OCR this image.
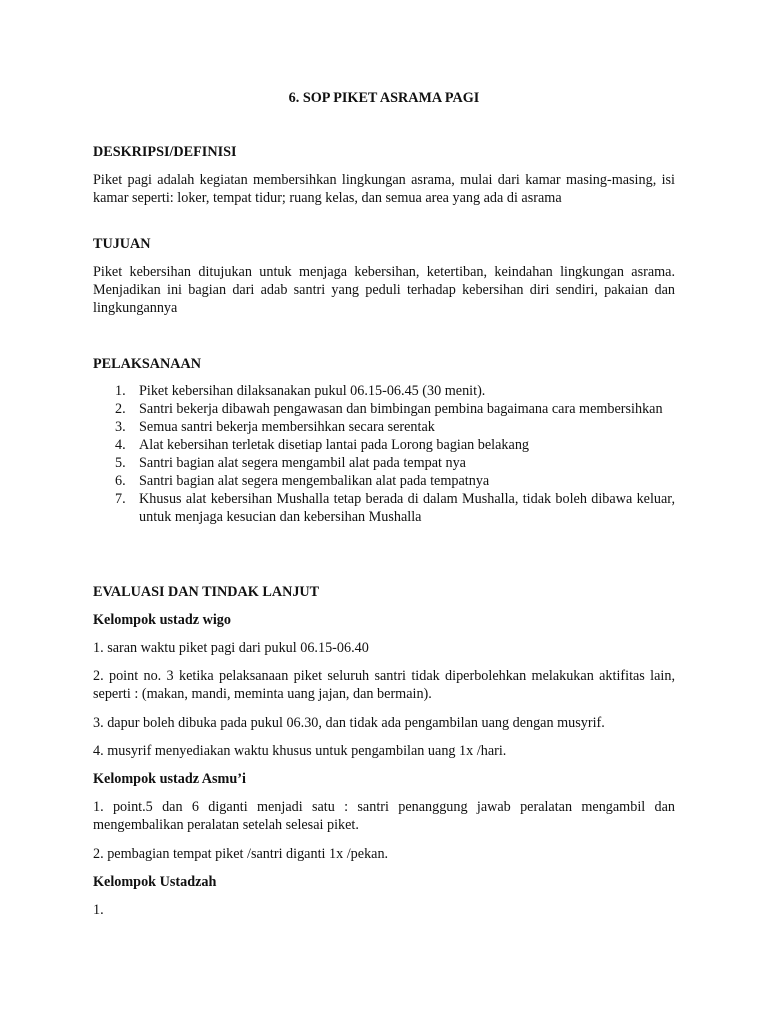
6. SOP PIKET ASRAMA PAGI
DESKRIPSI/DEFINISI
Piket pagi adalah kegiatan membersihkan lingkungan asrama, mulai dari kamar masing-masing, isi kamar seperti: loker, tempat tidur; ruang kelas, dan semua area yang ada di asrama
TUJUAN
Piket kebersihan ditujukan untuk menjaga kebersihan, ketertiban, keindahan lingkungan asrama. Menjadikan ini bagian dari adab santri yang peduli terhadap kebersihan diri sendiri, pakaian dan lingkungannya
PELAKSANAAN
1. Piket kebersihan dilaksanakan pukul 06.15-06.45 (30 menit).
2. Santri bekerja dibawah pengawasan dan bimbingan pembina bagaimana cara membersihkan
3. Semua santri bekerja membersihkan secara serentak
4. Alat kebersihan terletak disetiap lantai pada Lorong bagian belakang
5. Santri bagian alat segera mengambil alat pada tempat nya
6. Santri bagian alat segera mengembalikan alat pada tempatnya
7. Khusus alat kebersihan Mushalla tetap berada di dalam Mushalla, tidak boleh dibawa keluar, untuk menjaga kesucian dan kebersihan Mushalla
EVALUASI DAN TINDAK LANJUT
Kelompok ustadz wigo
1. saran waktu piket pagi dari pukul 06.15-06.40
2. point no. 3 ketika pelaksanaan piket seluruh santri tidak diperbolehkan melakukan aktifitas lain, seperti : (makan, mandi, meminta uang jajan, dan bermain).
3. dapur boleh dibuka pada pukul 06.30, dan tidak ada pengambilan uang dengan musyrif.
4. musyrif menyediakan waktu khusus untuk pengambilan uang 1x /hari.
Kelompok ustadz Asmu’i
1. point.5 dan 6 diganti menjadi satu : santri penanggung jawab peralatan mengambil dan mengembalikan peralatan setelah selesai piket.
2. pembagian tempat piket /santri diganti 1x /pekan.
Kelompok Ustadzah
1.
